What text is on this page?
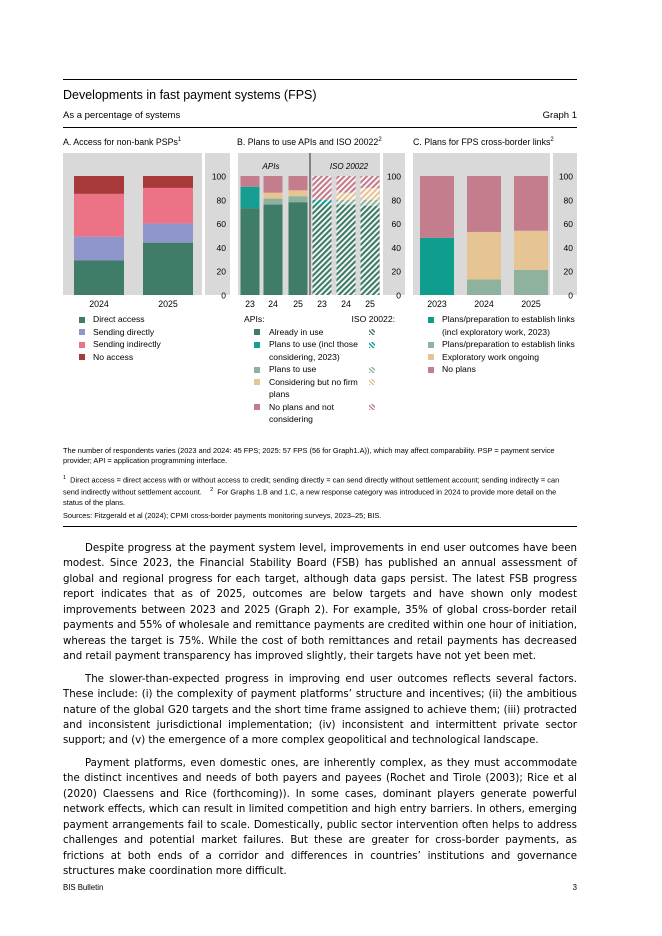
Developments in fast payment systems (FPS)
As a percentage of systems	Graph 1
A. Access for non-bank PSPs$^1$	B. Plans to use APIs and ISO 20022$^2$	C. Plans for FPS cross-border links$^2$
0
20
40
60
80
100
2024	2025
0
20
40
60
80
100
APIs	ISO 20022
23 24 25 23 24 25
0
20
40
60
80
100
2023	2024	2025
Direct access
Sending directly
Sending indirectly
No access
APIs:	ISO 20022:
Already in use
Plans to use (incl those considering, 2023)
Plans to use
Considering but no firm plans
No plans and not considering
Plans/preparation to establish links (incl exploratory work, 2023)
Plans/preparation to establish links
Exploratory work ongoing
No plans
The number of respondents varies (2023 and 2024: 45 FPS; 2025: 57 FPS (56 for Graph1.A)), which may affect comparability. PSP = payment service provider; API = application programming interface.
$^1$ Direct access = direct access with or without access to credit; sending directly = can send directly without settlement account; sending indirectly = can send indirectly without settlement account. $^2$ For Graphs 1.B and 1.C, a new response category was introduced in 2024 to provide more detail on the status of the plans.
Sources: Fitzgerald et al (2024); CPMI cross-border payments monitoring surveys, 2023–25; BIS.

Despite progress at the payment system level, improvements in end user outcomes have been modest. Since 2023, the Financial Stability Board (FSB) has published an annual assessment of global and regional progress for each target, although data gaps persist. The latest FSB progress report indicates that as of 2025, outcomes are below targets and have shown only modest improvements between 2023 and 2025 (Graph 2). For example, 35% of global cross-border retail payments and 55% of wholesale and remittance payments are credited within one hour of initiation, whereas the target is 75%. While the cost of both remittances and retail payments has decreased and retail payment transparency has improved slightly, their targets have not yet been met.

The slower-than-expected progress in improving end user outcomes reflects several factors. These include: (i) the complexity of payment platforms’ structure and incentives; (ii) the ambitious nature of the global G20 targets and the short time frame assigned to achieve them; (iii) protracted and inconsistent jurisdictional implementation; (iv) inconsistent and intermittent private sector support; and (v) the emergence of a more complex geopolitical and technological landscape.

Payment platforms, even domestic ones, are inherently complex, as they must accommodate the distinct incentives and needs of both payers and payees (Rochet and Tirole (2003); Rice et al (2020) Claessens and Rice (forthcoming)). In some cases, dominant players generate powerful network effects, which can result in limited competition and high entry barriers. In others, emerging payment arrangements fail to scale. Domestically, public sector intervention often helps to address challenges and potential market failures. But these are greater for cross-border payments, as frictions at both ends of a corridor and differences in countries’ institutions and governance structures make coordination more difficult.

BIS Bulletin	3
